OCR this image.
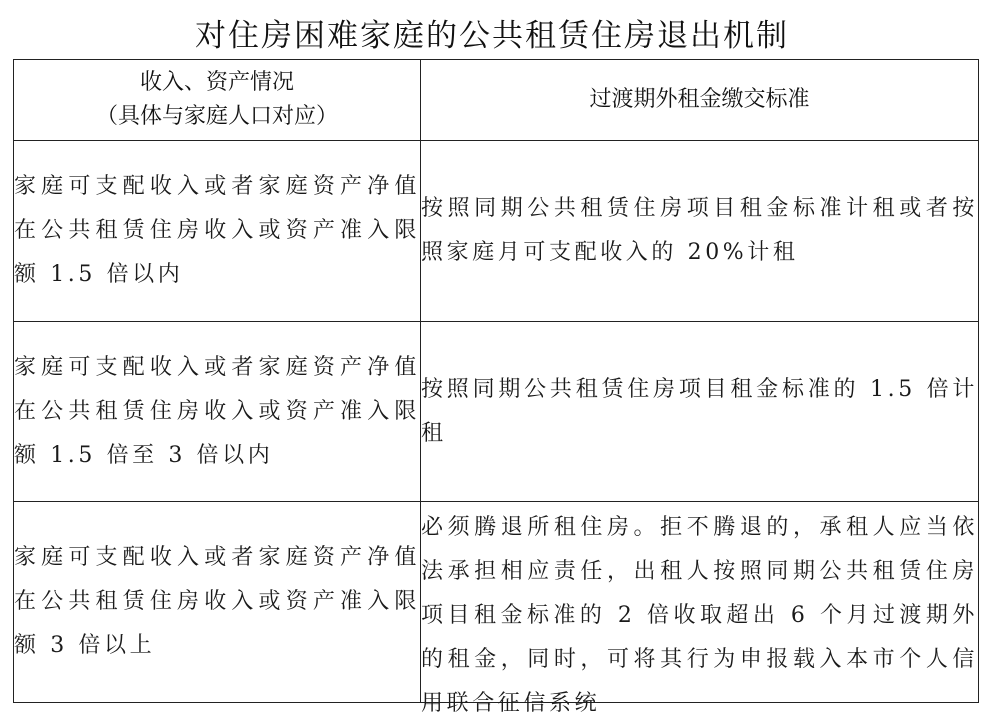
对住房困难家庭的公共租赁住房退出机制
收入、资产情况
（具体与家庭人口对应）	过渡期外租金缴交标准
家庭可支配收入或者家庭资产净值在公共租赁住房收入或资产准入限额 1.5 倍以内	按照同期公共租赁住房项目租金标准计租或者按照家庭月可支配收入的 20%计租
家庭可支配收入或者家庭资产净值在公共租赁住房收入或资产准入限额 1.5 倍至 3 倍以内	按照同期公共租赁住房项目租金标准的 1.5 倍计租
家庭可支配收入或者家庭资产净值在公共租赁住房收入或资产准入限额 3 倍以上	必须腾退所租住房。拒不腾退的，承租人应当依法承担相应责任，出租人按照同期公共租赁住房项目租金标准的 2 倍收取超出 6 个月过渡期外的租金，同时，可将其行为申报载入本市个人信用联合征信系统
